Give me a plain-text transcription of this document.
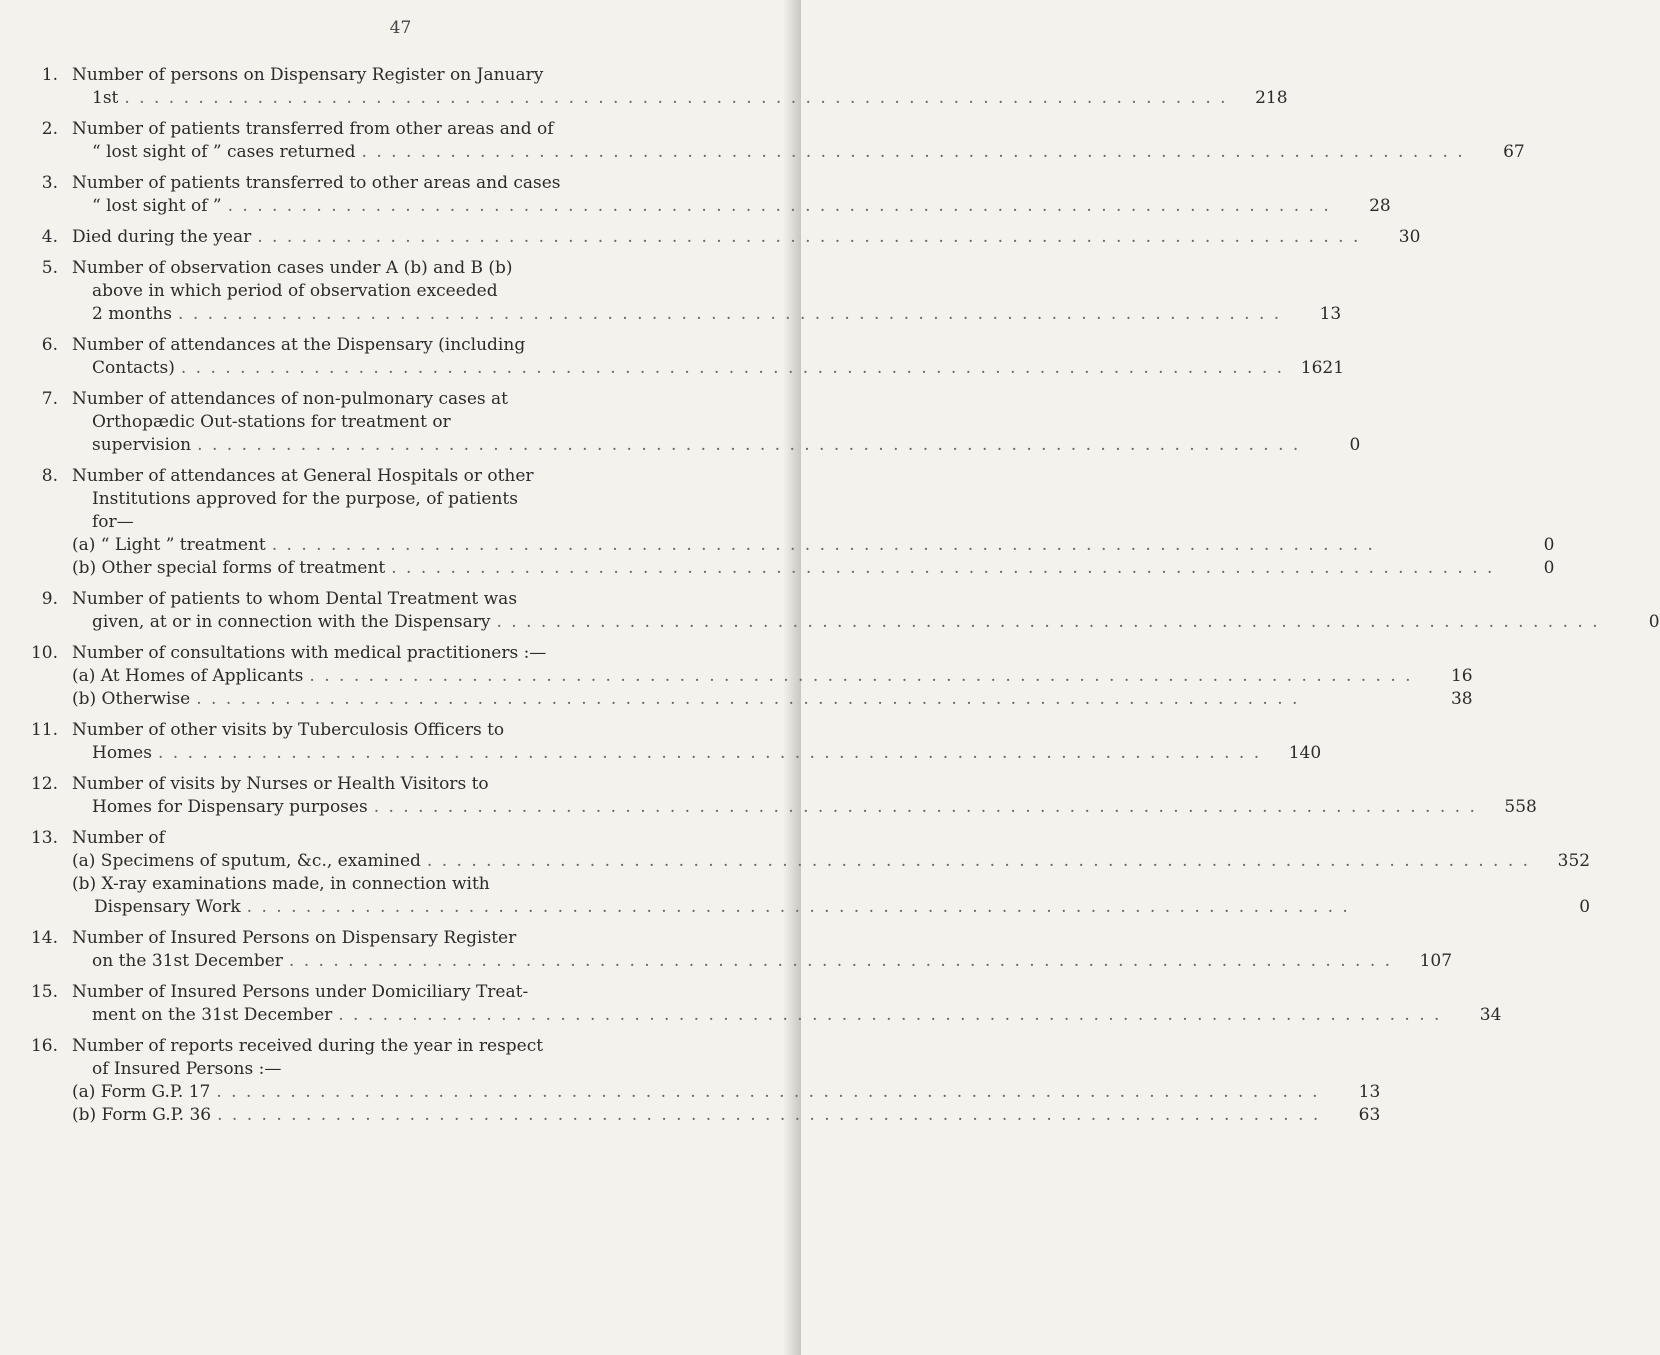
47
1. Number of persons on Dispensary Register on January
1st . . .	218
2. Number of patients transferred from other areas and of
“ lost sight of ” cases returned . . .	67
3. Number of patients transferred to other areas and cases
“ lost sight of ” . . .	28
4. Died during the year . . .	30
5. Number of observation cases under A (b) and B (b)
above in which period of observation exceeded
2 months . . .	13
6. Number of attendances at the Dispensary (including
Contacts) . . .	1621
7. Number of attendances of non-pulmonary cases at
Orthopædic Out-stations for treatment or
supervision . . .	0
8. Number of attendances at General Hospitals or other
Institutions approved for the purpose, of patients
for—
(a) “ Light ” treatment . . .	0
(b) Other special forms of treatment . . .	0
9. Number of patients to whom Dental Treatment was
given, at or in connection with the Dispensary . . .	0
10. Number of consultations with medical practitioners :—
(a) At Homes of Applicants . . .	16
(b) Otherwise . . .	38
11. Number of other visits by Tuberculosis Officers to
Homes . . .	140
12. Number of visits by Nurses or Health Visitors to
Homes for Dispensary purposes . . .	558
13. Number of
(a) Specimens of sputum, &c., examined . . .	352
(b) X-ray examinations made, in connection with
Dispensary Work . . .	0
14. Number of Insured Persons on Dispensary Register
on the 31st December . . .	107
15. Number of Insured Persons under Domiciliary Treat-
ment on the 31st December . . .	34
16. Number of reports received during the year in respect
of Insured Persons :—
(a) Form G.P. 17 . . .	13
(b) Form G.P. 36 . . .	63
